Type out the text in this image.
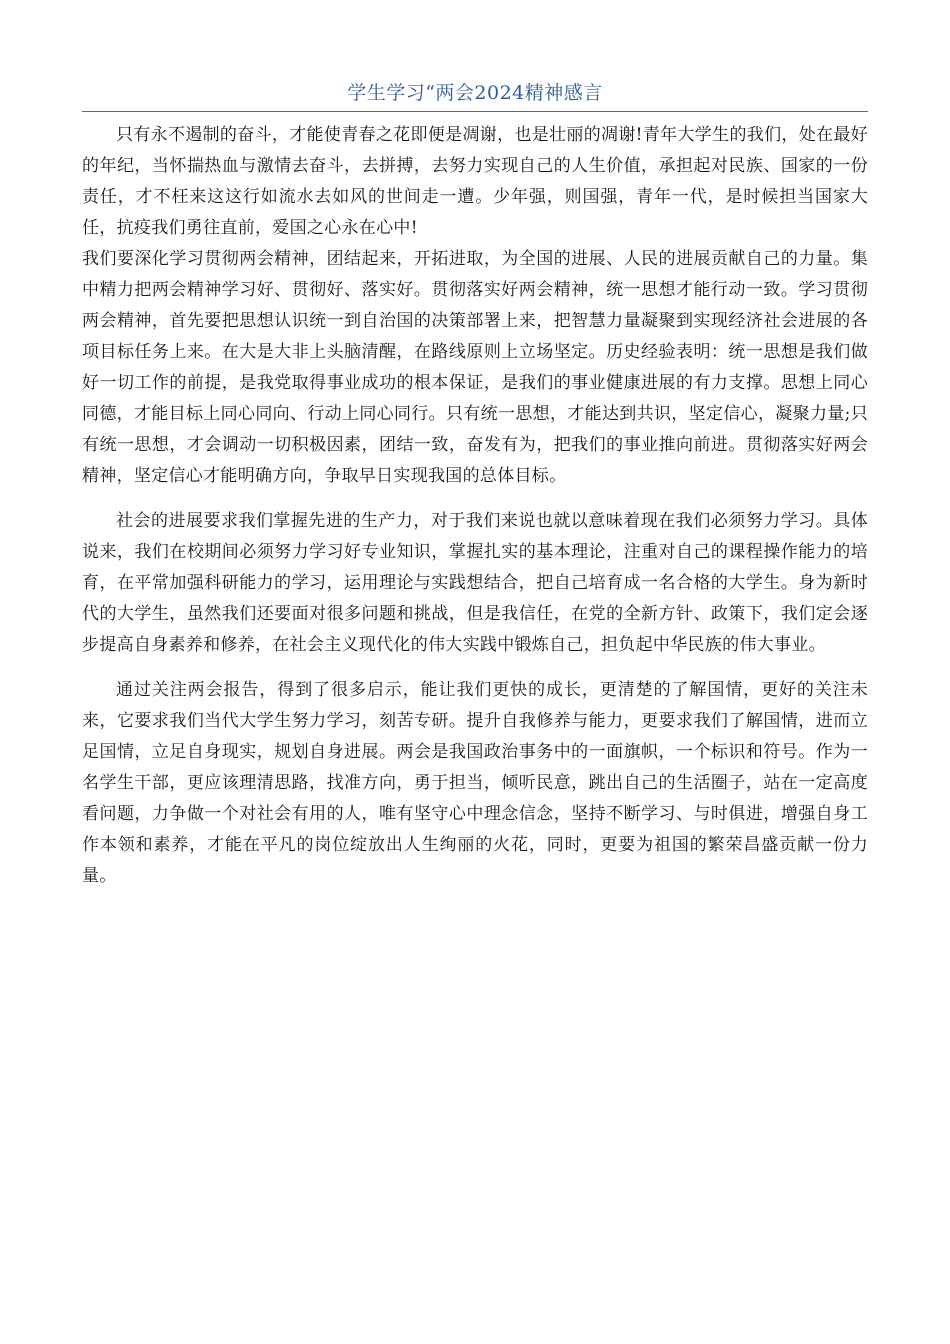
学生学习“两会2024精神感言

只有永不遏制的奋斗，才能使青春之花即便是凋谢，也是壮丽的凋谢!青年大学生的我们，处在最好的年纪，当怀揣热血与激情去奋斗，去拼搏，去努力实现自己的人生价值，承担起对民族、国家的一份责任，才不枉来这这行如流水去如风的世间走一遭。少年强，则国强，青年一代，是时候担当国家大任，抗疫我们勇往直前，爱国之心永在心中!

我们要深化学习贯彻两会精神，团结起来，开拓进取，为全国的进展、人民的进展贡献自己的力量。集中精力把两会精神学习好、贯彻好、落实好。贯彻落实好两会精神，统一思想才能行动一致。学习贯彻两会精神，首先要把思想认识统一到自治国的决策部署上来，把智慧力量凝聚到实现经济社会进展的各项目标任务上来。在大是大非上头脑清醒，在路线原则上立场坚定。历史经验表明：统一思想是我们做好一切工作的前提，是我党取得事业成功的根本保证，是我们的事业健康进展的有力支撑。思想上同心同德，才能目标上同心同向、行动上同心同行。只有统一思想，才能达到共识，坚定信心，凝聚力量;只有统一思想，才会调动一切积极因素，团结一致，奋发有为，把我们的事业推向前进。贯彻落实好两会精神，坚定信心才能明确方向，争取早日实现我国的总体目标。

社会的进展要求我们掌握先进的生产力，对于我们来说也就以意味着现在我们必须努力学习。具体说来，我们在校期间必须努力学习好专业知识，掌握扎实的基本理论，注重对自己的课程操作能力的培育，在平常加强科研能力的学习，运用理论与实践想结合，把自己培育成一名合格的大学生。身为新时代的大学生，虽然我们还要面对很多问题和挑战，但是我信任，在党的全新方针、政策下，我们定会逐步提高自身素养和修养，在社会主义现代化的伟大实践中锻炼自己，担负起中华民族的伟大事业。

通过关注两会报告，得到了很多启示，能让我们更快的成长，更清楚的了解国情，更好的关注未来，它要求我们当代大学生努力学习，刻苦专研。提升自我修养与能力，更要求我们了解国情，进而立足国情，立足自身现实，规划自身进展。两会是我国政治事务中的一面旗帜，一个标识和符号。作为一名学生干部，更应该理清思路，找准方向，勇于担当，倾听民意，跳出自己的生活圈子，站在一定高度看问题，力争做一个对社会有用的人，唯有坚守心中理念信念，坚持不断学习、与时俱进，增强自身工作本领和素养，才能在平凡的岗位绽放出人生绚丽的火花，同时，更要为祖国的繁荣昌盛贡献一份力量。
